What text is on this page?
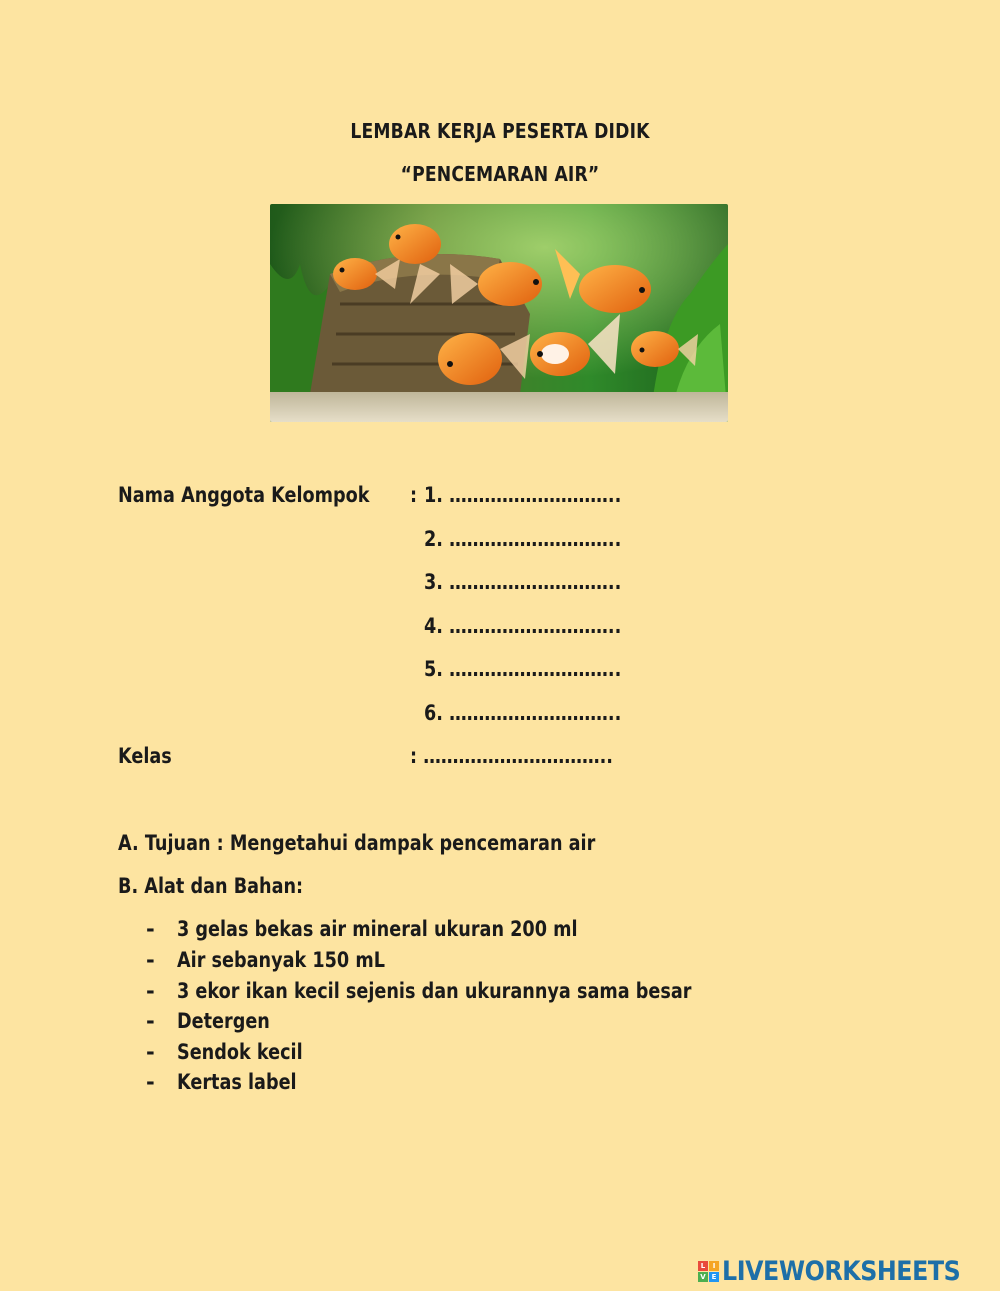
LEMBAR KERJA PESERTA DIDIK
“PENCEMARAN AIR”
Nama Anggota Kelompok : 1. ………………………..
2. ………………………..
3. ………………………..
4. ………………………..
5. ………………………..
6. ………………………..
Kelas	: …………………………..
A. Tujuan : Mengetahui dampak pencemaran air
B. Alat dan Bahan:
- 3 gelas bekas air mineral ukuran 200 ml
- Air sebanyak 150 mL
- 3 ekor ikan kecil sejenis dan ukurannya sama besar
- Detergen
- Sendok kecil
- Kertas label
L	I
V E LIVEWORKSHEETS
